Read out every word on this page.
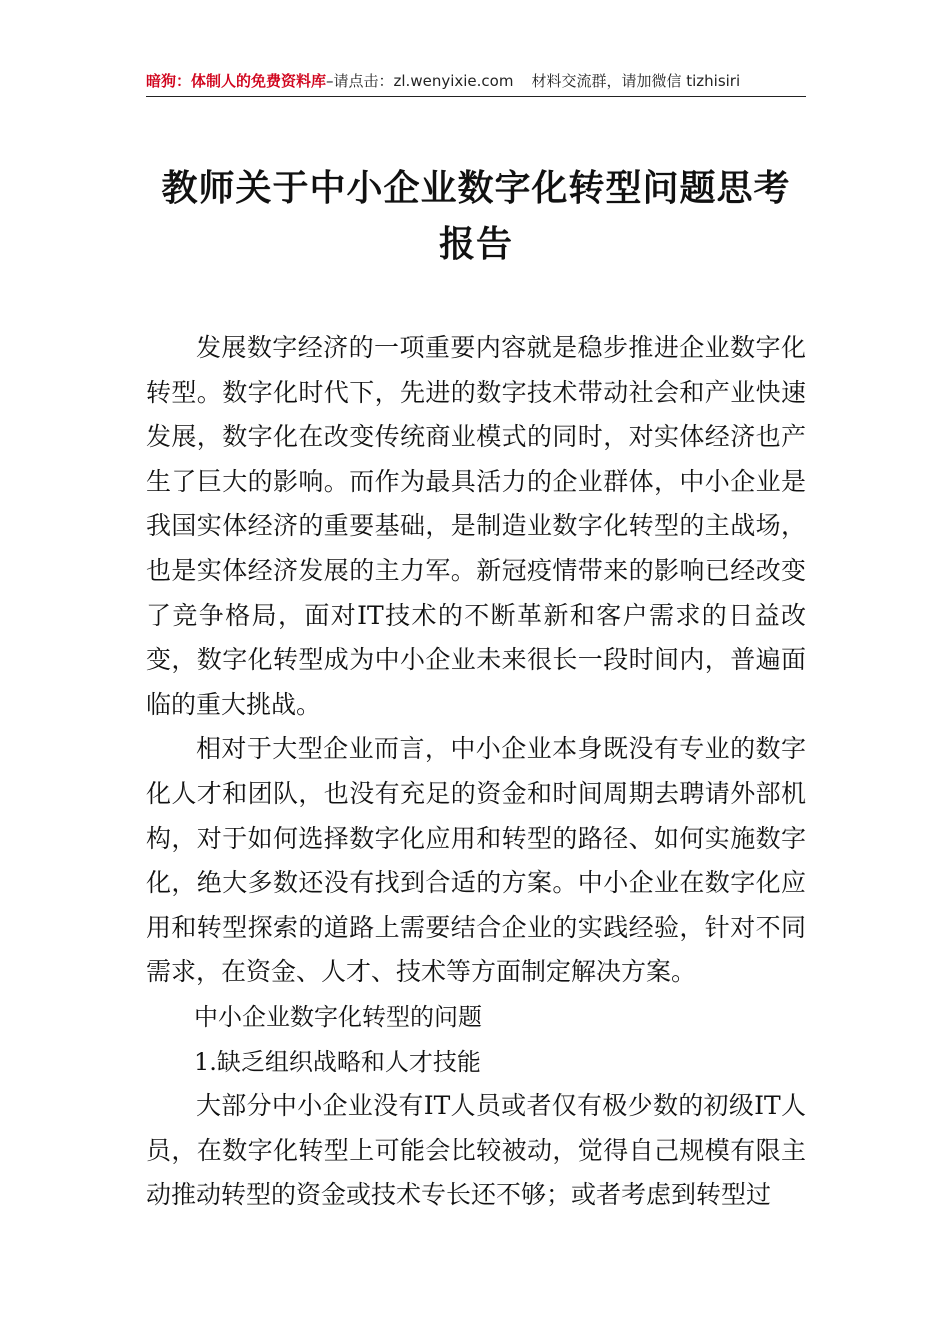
暗狗：体制人的免费资料库–请点击：zl.wenyixie.com 材料交流群，请加微信 tizhisiri
教师关于中小企业数字化转型问题思考报告

发展数字经济的一项重要内容就是稳步推进企业数字化转型。数字化时代下，先进的数字技术带动社会和产业快速发展，数字化在改变传统商业模式的同时，对实体经济也产生了巨大的影响。而作为最具活力的企业群体，中小企业是我国实体经济的重要基础，是制造业数字化转型的主战场，也是实体经济发展的主力军。新冠疫情带来的影响已经改变了竞争格局，面对IT技术的不断革新和客户需求的日益改变，数字化转型成为中小企业未来很长一段时间内，普遍面临的重大挑战。

相对于大型企业而言，中小企业本身既没有专业的数字化人才和团队，也没有充足的资金和时间周期去聘请外部机构，对于如何选择数字化应用和转型的路径、如何实施数字化，绝大多数还没有找到合适的方案。中小企业在数字化应用和转型探索的道路上需要结合企业的实践经验，针对不同需求，在资金、人才、技术等方面制定解决方案。

中小企业数字化转型的问题

1.缺乏组织战略和人才技能

大部分中小企业没有IT人员或者仅有极少数的初级IT人员，在数字化转型上可能会比较被动，觉得自己规模有限主动推动转型的资金或技术专长还不够；或者考虑到转型过
